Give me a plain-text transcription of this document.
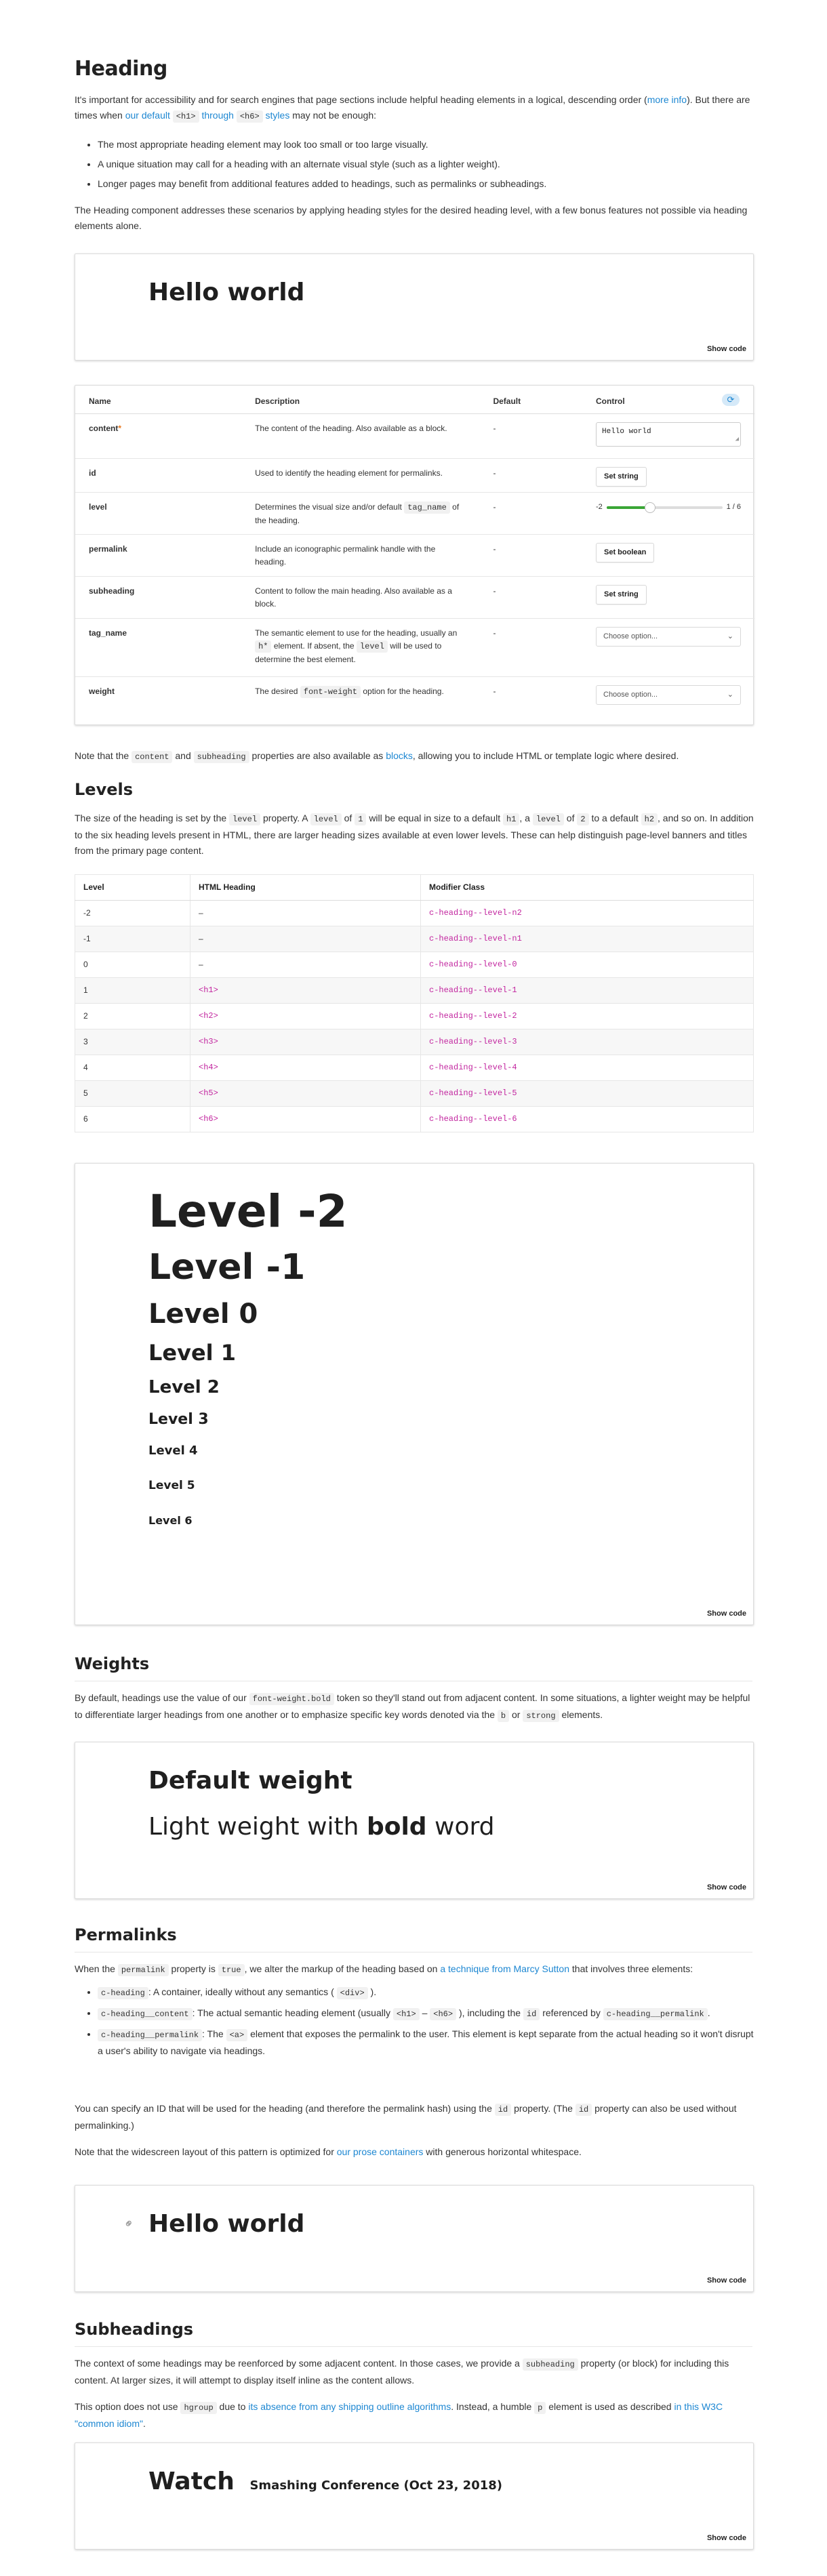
Heading

It's important for accessibility and for search engines that page sections include helpful heading elements in a logical, descending order (more info). But there are times when our default <h1> through <h6> styles may not be enough:

• The most appropriate heading element may look too small or too large visually.
• A unique situation may call for a heading with an alternate visual style (such as a lighter weight).
• Longer pages may benefit from additional features added to headings, such as permalinks or subheadings.

The Heading component addresses these scenarios by applying heading styles for the desired heading level, with a few bonus features not possible via heading elements alone.

Hello world
Show code
⟳
Name	Description	Default	Control
content*	The content of the heading. Also available as a block.	-	Hello world
◢

id	Used to identify the heading element for permalinks.	-	Set string
level	Determines the visual size and/or default tag_name of the heading.	-	-2 1 / 6

permalink	Include an iconographic permalink handle with the heading.	-	Set boolean
subheading	Content to follow the main heading. Also available as a block.	-	Set string
tag_name	The semantic element to use for the heading, usually an h* element. If absent, the level will be used to determine the best element.	-	Choose option... ⌄

weight	The desired font-weight option for the heading.	-	Choose option... ⌄

Note that the content and subheading properties are also available as blocks, allowing you to include HTML or template logic where desired.

Levels

The size of the heading is set by the level property. A level of 1 will be equal in size to a default h1 , a level of 2 to a default h2 , and so on. In addition to the six heading levels present in HTML, there are larger heading sizes available at even lower levels. These can help distinguish page-level banners and titles from the primary page content.

Level	HTML Heading	Modifier Class
-2	–	c-heading--level-n2
-1	–	c-heading--level-n1
0	–	c-heading--level-0
1	<h1>	c-heading--level-1
2	<h2>	c-heading--level-2
3	<h3>	c-heading--level-3
4	<h4>	c-heading--level-4
5	<h5>	c-heading--level-5
6	<h6>	c-heading--level-6
Level -2
Level -1
Level 0
Level 1
Level 2
Level 3
Level 4
Level 5
Level 6
Show code
Weights

By default, headings use the value of our font-weight.bold token so they'll stand out from adjacent content. In some situations, a lighter weight may be helpful to differentiate larger headings from one another or to emphasize specific key words denoted via the b or strong elements.

Default weight
Light weight with bold word
Show code
Permalinks

When the permalink property is true , we alter the markup of the heading based on a technique from Marcy Sutton that involves three elements:

• c-heading : A container, ideally without any semantics ( <div> ).
• c-heading__content : The actual semantic heading element (usually <h1> – <h6> ), including the id referenced by c-heading__permalink .
• c-heading__permalink : The <a> element that exposes the permalink to the user. This element is kept separate from the actual heading so it won't disrupt a user's ability to navigate via headings.

You can specify an ID that will be used for the heading (and therefore the permalink hash) using the id property. (The id property can also be used without permalinking.)

Note that the widescreen layout of this pattern is optimized for our prose containers with generous horizontal whitespace.

⚭ Hello world
Show code
Subheadings

The context of some headings may be reenforced by some adjacent content. In those cases, we provide a subheading property (or block) for including this content. At larger sizes, it will attempt to display itself inline as the content allows.

This option does not use hgroup due to its absence from any shipping outline algorithms. Instead, a humble p element is used as described in this W3C "common idiom".

Watch Smashing Conference (Oct 23, 2018)
Show code
